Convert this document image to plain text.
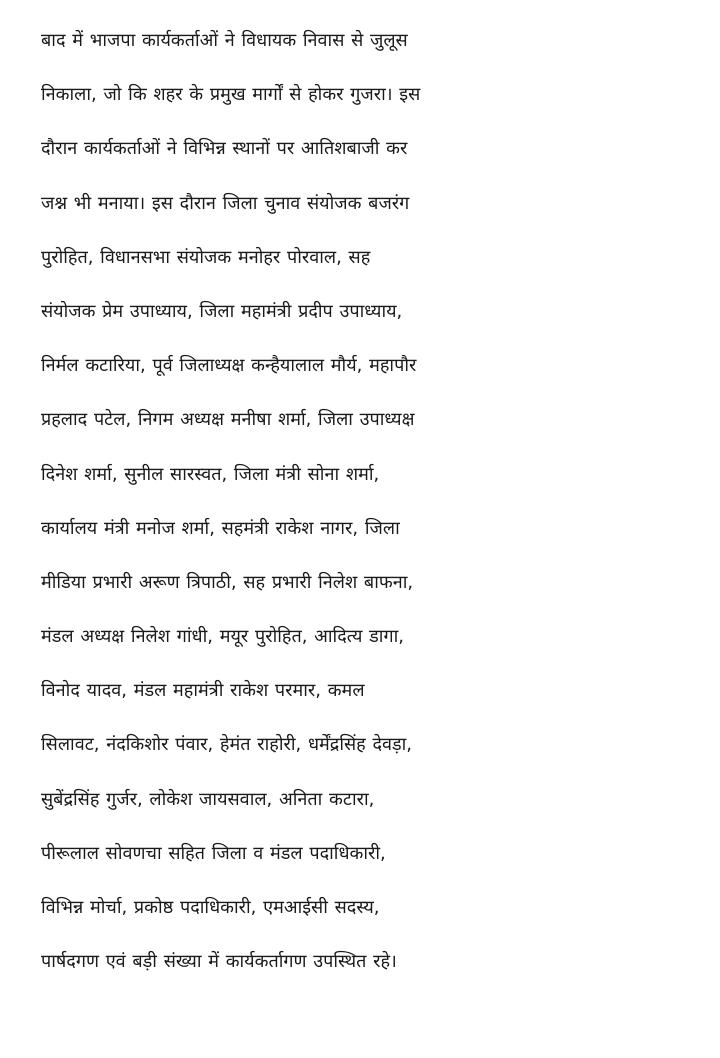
बाद में भाजपा कार्यकर्ताओं ने विधायक निवास से जुलूस
निकाला, जो कि शहर के प्रमुख मार्गों से होकर गुजरा। इस
दौरान कार्यकर्ताओं ने विभिन्न स्थानों पर आतिशबाजी कर
जश्न भी मनाया। इस दौरान जिला चुनाव संयोजक बजरंग
पुरोहित, विधानसभा संयोजक मनोहर पोरवाल, सह
संयोजक प्रेम उपाध्याय, जिला महामंत्री प्रदीप उपाध्याय,
निर्मल कटारिया, पूर्व जिलाध्यक्ष कन्हैयालाल मौर्य, महापौर
प्रहलाद पटेल, निगम अध्यक्ष मनीषा शर्मा, जिला उपाध्यक्ष
दिनेश शर्मा, सुनील सारस्वत, जिला मंत्री सोना शर्मा,
कार्यालय मंत्री मनोज शर्मा, सहमंत्री राकेश नागर, जिला
मीडिया प्रभारी अरूण त्रिपाठी, सह प्रभारी निलेश बाफना,
मंडल अध्यक्ष निलेश गांधी, मयूर पुरोहित, आदित्य डागा,
विनोद यादव, मंडल महामंत्री राकेश परमार, कमल
सिलावट, नंदकिशोर पंवार, हेमंत राहोरी, धर्मेंद्रसिंह देवड़ा,
सुबेंद्रसिंह गुर्जर, लोकेश जायसवाल, अनिता कटारा,
पीरूलाल सोवणचा सहित जिला व मंडल पदाधिकारी,
विभिन्न मोर्चा, प्रकोष्ठ पदाधिकारी, एमआईसी सदस्य,
पार्षदगण एवं बड़ी संख्या में कार्यकर्तागण उपस्थित रहे।
